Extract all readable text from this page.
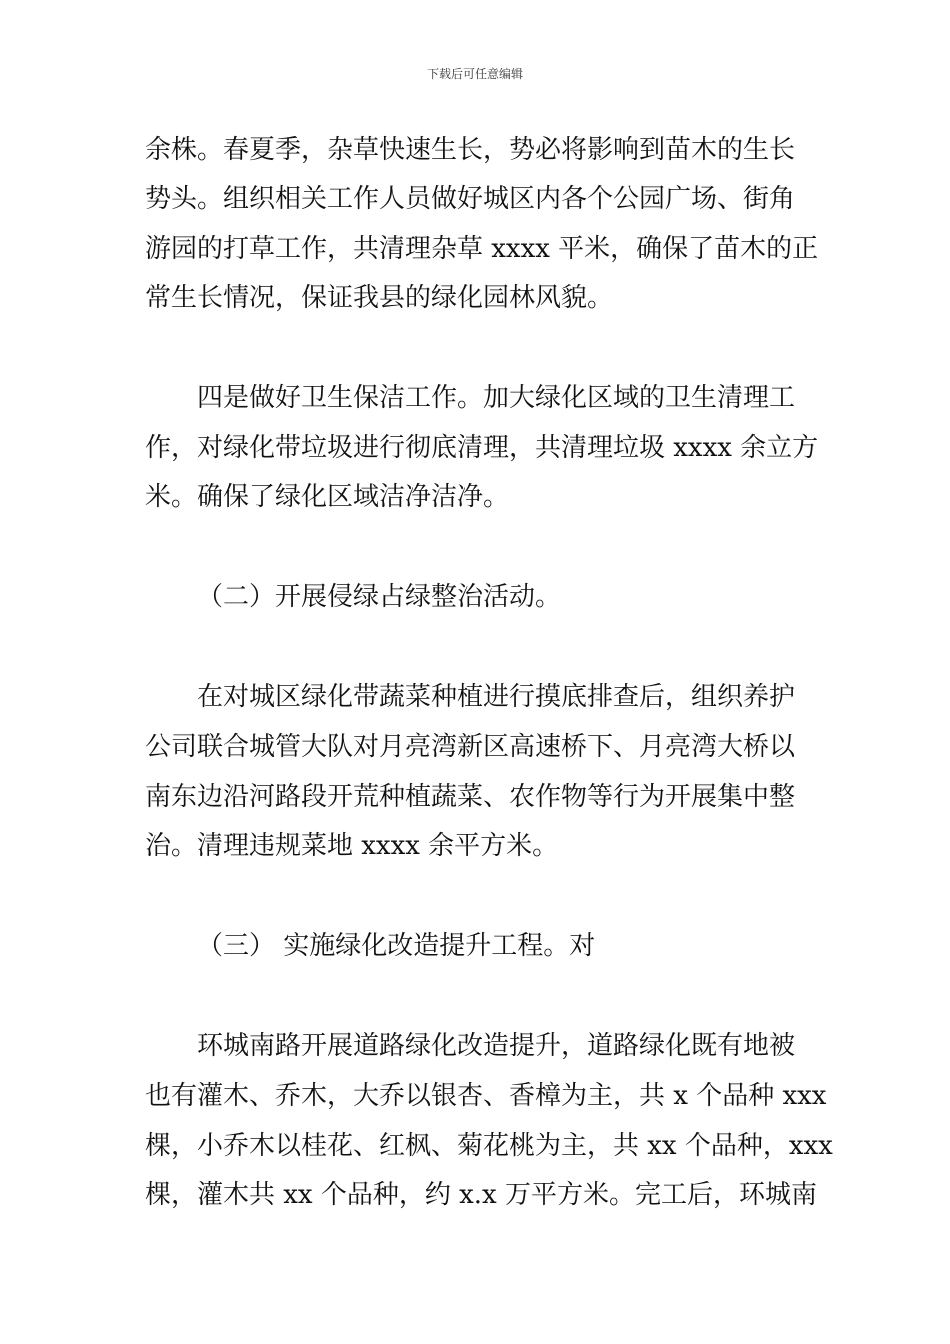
下载后可任意编辑
余株。春夏季，杂草快速生长，势必将影响到苗木的生长
势头。组织相关工作人员做好城区内各个公园广场、街角
游园的打草工作，共清理杂草 xxxx 平米，确保了苗木的正
常生长情况，保证我县的绿化园林风貌。
四是做好卫生保洁工作。加大绿化区域的卫生清理工
作，对绿化带垃圾进行彻底清理，共清理垃圾 xxxx 余立方
米。确保了绿化区域洁净洁净。
（二）开展侵绿占绿整治活动。
在对城区绿化带蔬菜种植进行摸底排查后，组织养护
公司联合城管大队对月亮湾新区高速桥下、月亮湾大桥以
南东边沿河路段开荒种植蔬菜、农作物等行为开展集中整
治。清理违规菜地 xxxx 余平方米。
（三） 实施绿化改造提升工程。对
环城南路开展道路绿化改造提升，道路绿化既有地被
也有灌木、乔木，大乔以银杏、香樟为主，共 x 个品种 xxx
棵，小乔木以桂花、红枫、菊花桃为主，共 xx 个品种，xxx
棵，灌木共 xx 个品种，约 x.x 万平方米。完工后，环城南
